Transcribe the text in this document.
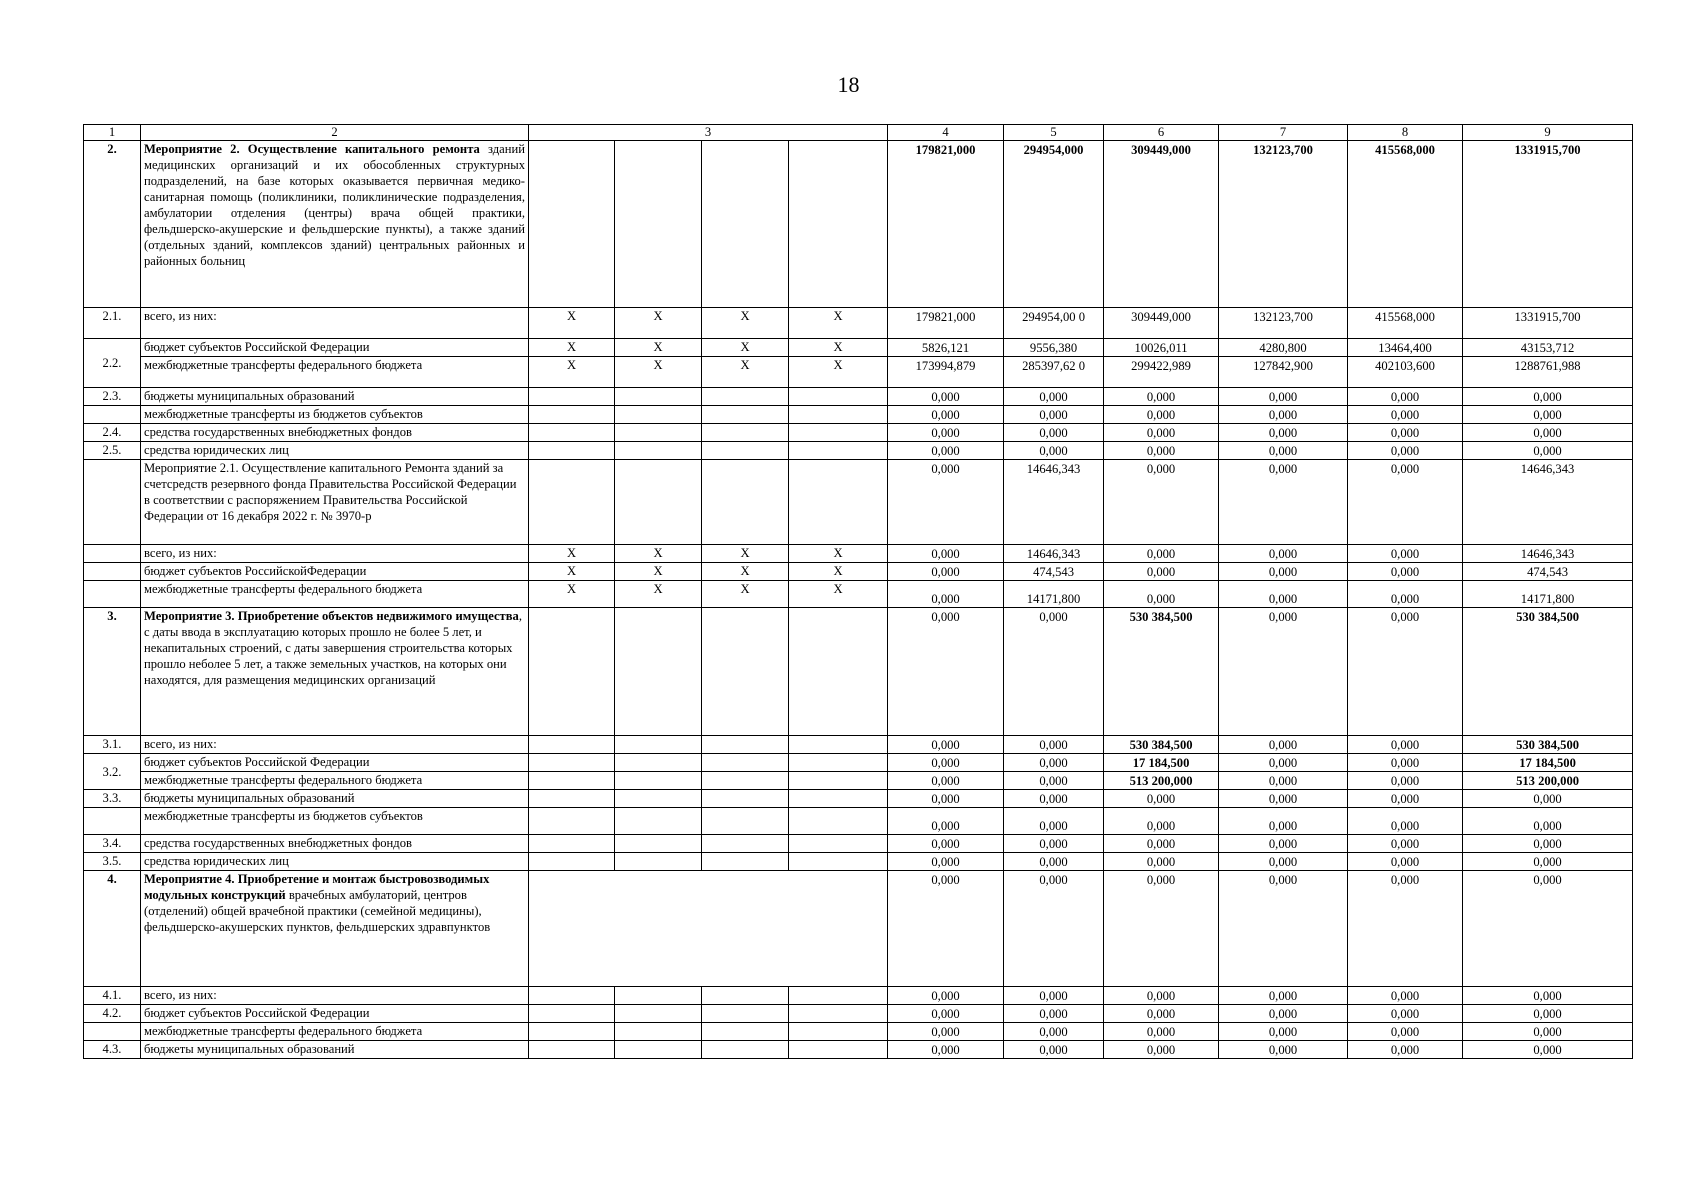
18
1	2	3				4	5	6	7	8	9
2.	Мероприятие 2. Осуществление капитального ремонта зданий медицинских организаций и их обособленных структурных подразделений, на базе которых оказывается первичная медико-санитарная помощь (поликлиники, поликлинические подразделения, амбулатории отделения (центры) врача общей практики, фельдшерско-акушерские и фельдшерские пункты), а также зданий (отдельных зданий, комплексов зданий) центральных районных и районных больниц					179821,000	294954,000	309449,000	132123,700	415568,000	1331915,700
2.1.	всего, из них:	X	X	X	X	179821,000	294954,00 0	309449,000	132123,700	415568,000	1331915,700
2.2.	бюджет субъектов Российской Федерации	X	X	X	X	5826,121	9556,380	10026,011	4280,800	13464,400	43153,712
	межбюджетные трансферты федерального бюджета	X	X	X	X	173994,879	285397,62 0	299422,989	127842,900	402103,600	1288761,988
2.3.	бюджеты муниципальных образований					0,000	0,000	0,000	0,000	0,000	0,000
	межбюджетные трансферты из бюджетов субъектов					0,000	0,000	0,000	0,000	0,000	0,000
2.4.	средства государственных внебюджетных фондов					0,000	0,000	0,000	0,000	0,000	0,000
2.5.	средства юридических лиц					0,000	0,000	0,000	0,000	0,000	0,000
	Мероприятие 2.1. Осуществление капитального Ремонта зданий за счетсредств резервного фонда Правительства Российской Федерации в соответствии с распоряжением Правительства Российской Федерации от 16 декабря 2022 г. № 3970-р					0,000	14646,343	0,000	0,000	0,000	14646,343
	всего, из них:	X	X	X	X	0,000	14646,343	0,000	0,000	0,000	14646,343
	бюджет субъектов РоссийскойФедерации	X	X	X	X	0,000	474,543	0,000	0,000	0,000	474,543
	межбюджетные трансферты федерального бюджета	X	X	X	X	0,000	14171,800	0,000	0,000	0,000	14171,800
3.	Мероприятие 3. Приобретение объектов недвижимого имущества, с даты ввода в эксплуатацию которых прошло не более 5 лет, и некапитальных строений, с даты завершения строительства которых прошло неболее 5 лет, а также земельных участков, на которых они находятся, для размещения медицинских организаций					0,000	0,000	530 384,500	0,000	0,000	530 384,500
3.1.	всего, из них:					0,000	0,000	530 384,500	0,000	0,000	530 384,500
3.2.	бюджет субъектов Российской Федерации					0,000	0,000	17 184,500	0,000	0,000	17 184,500
	межбюджетные трансферты федерального бюджета					0,000	0,000	513 200,000	0,000	0,000	513 200,000
3.3.	бюджеты муниципальных образований					0,000	0,000	0,000	0,000	0,000	0,000
	межбюджетные трансферты из бюджетов субъектов					0,000	0,000	0,000	0,000	0,000	0,000
3.4.	средства государственных внебюджетных фондов					0,000	0,000	0,000	0,000	0,000	0,000
3.5.	средства юридических лиц					0,000	0,000	0,000	0,000	0,000	0,000
4.	Мероприятие 4. Приобретение и монтаж быстровозводимых модульных конструкций врачебных амбулаторий, центров (отделений) общей врачебной практики (семейной медицины), фельдшерско-акушерских пунктов, фельдшерских здравпунктов					0,000	0,000	0,000	0,000	0,000	0,000
4.1.	всего, из них:					0,000	0,000	0,000	0,000	0,000	0,000
4.2.	бюджет субъектов Российской Федерации					0,000	0,000	0,000	0,000	0,000	0,000
	межбюджетные трансферты федерального бюджета					0,000	0,000	0,000	0,000	0,000	0,000
4.3.	бюджеты муниципальных образований					0,000	0,000	0,000	0,000	0,000	0,000
